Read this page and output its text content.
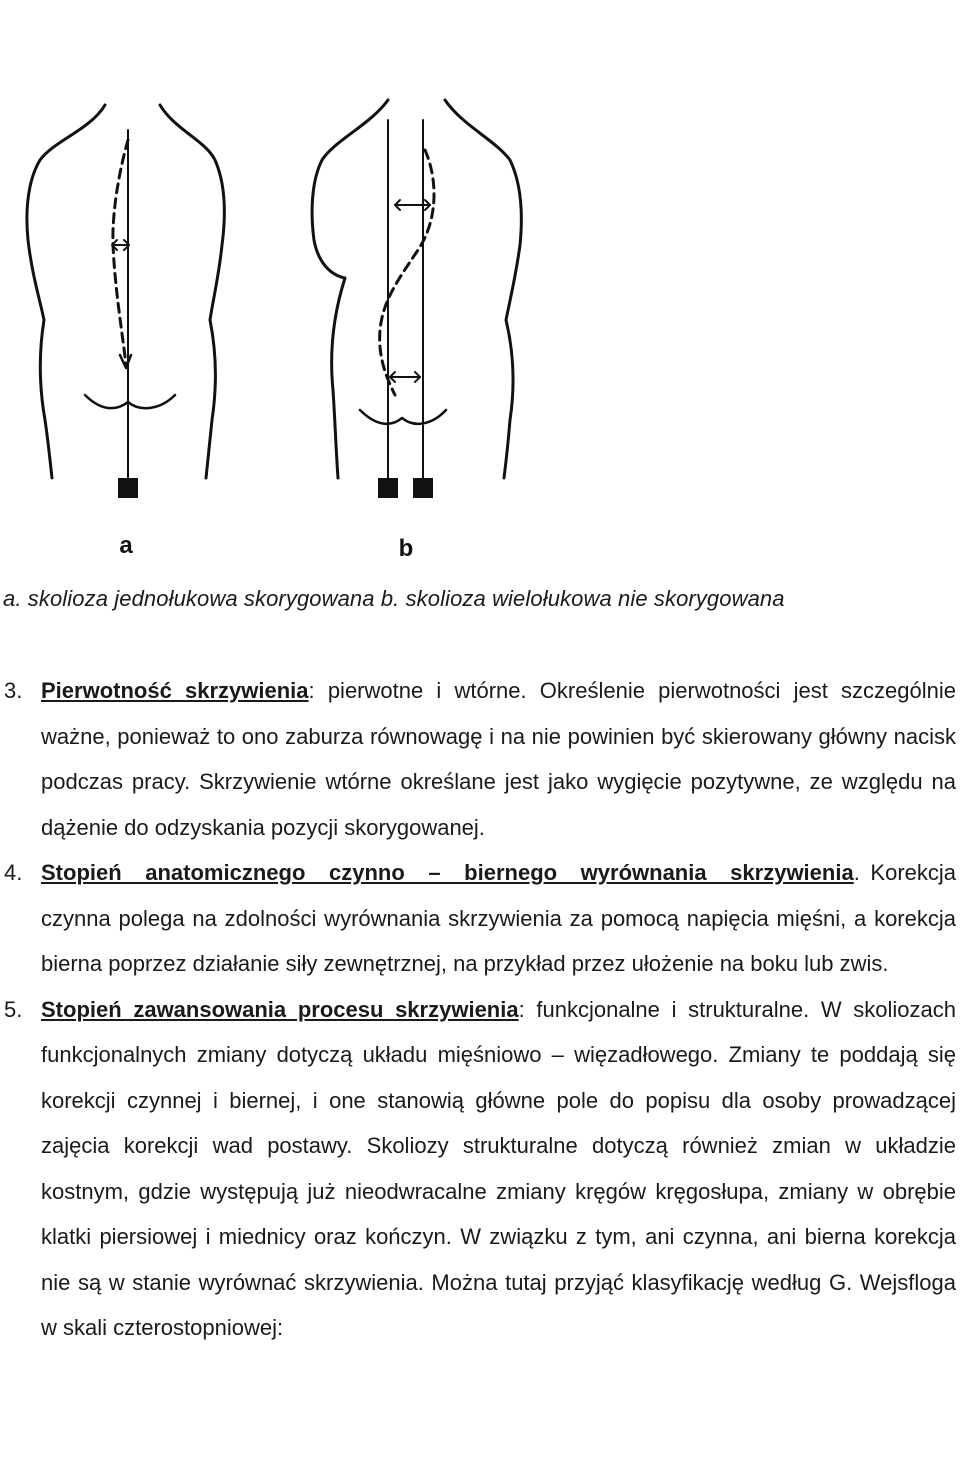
a	b
a. skolioza jednołukowa skorygowana b. skolioza wielołukowa nie skorygowana
3. Pierwotność skrzywienia: pierwotne i wtórne. Określenie pierwotności jest szczególnie ważne, ponieważ to ono zaburza równowagę i na nie powinien być skierowany główny nacisk podczas pracy. Skrzywienie wtórne określane jest jako wygięcie pozytywne, ze względu na dążenie do odzyskania pozycji skorygowanej.
4. Stopień anatomicznego czynno – biernego wyrównania skrzywienia. Korekcja czynna polega na zdolności wyrównania skrzywienia za pomocą napięcia mięśni, a korekcja bierna poprzez działanie siły zewnętrznej, na przykład przez ułożenie na boku lub zwis.
5. Stopień zawansowania procesu skrzywienia: funkcjonalne i strukturalne. W skoliozach funkcjonalnych zmiany dotyczą układu mięśniowo – więzadłowego. Zmiany te poddają się korekcji czynnej i biernej, i one stanowią główne pole do popisu dla osoby prowadzącej zajęcia korekcji wad postawy. Skoliozy strukturalne dotyczą również zmian w układzie kostnym, gdzie występują już nieodwracalne zmiany kręgów kręgosłupa, zmiany w obrębie klatki piersiowej i miednicy oraz kończyn. W związku z tym, ani czynna, ani bierna korekcja nie są w stanie wyrównać skrzywienia. Można tutaj przyjąć klasyfikację według G. Wejsfloga w skali czterostopniowej:
